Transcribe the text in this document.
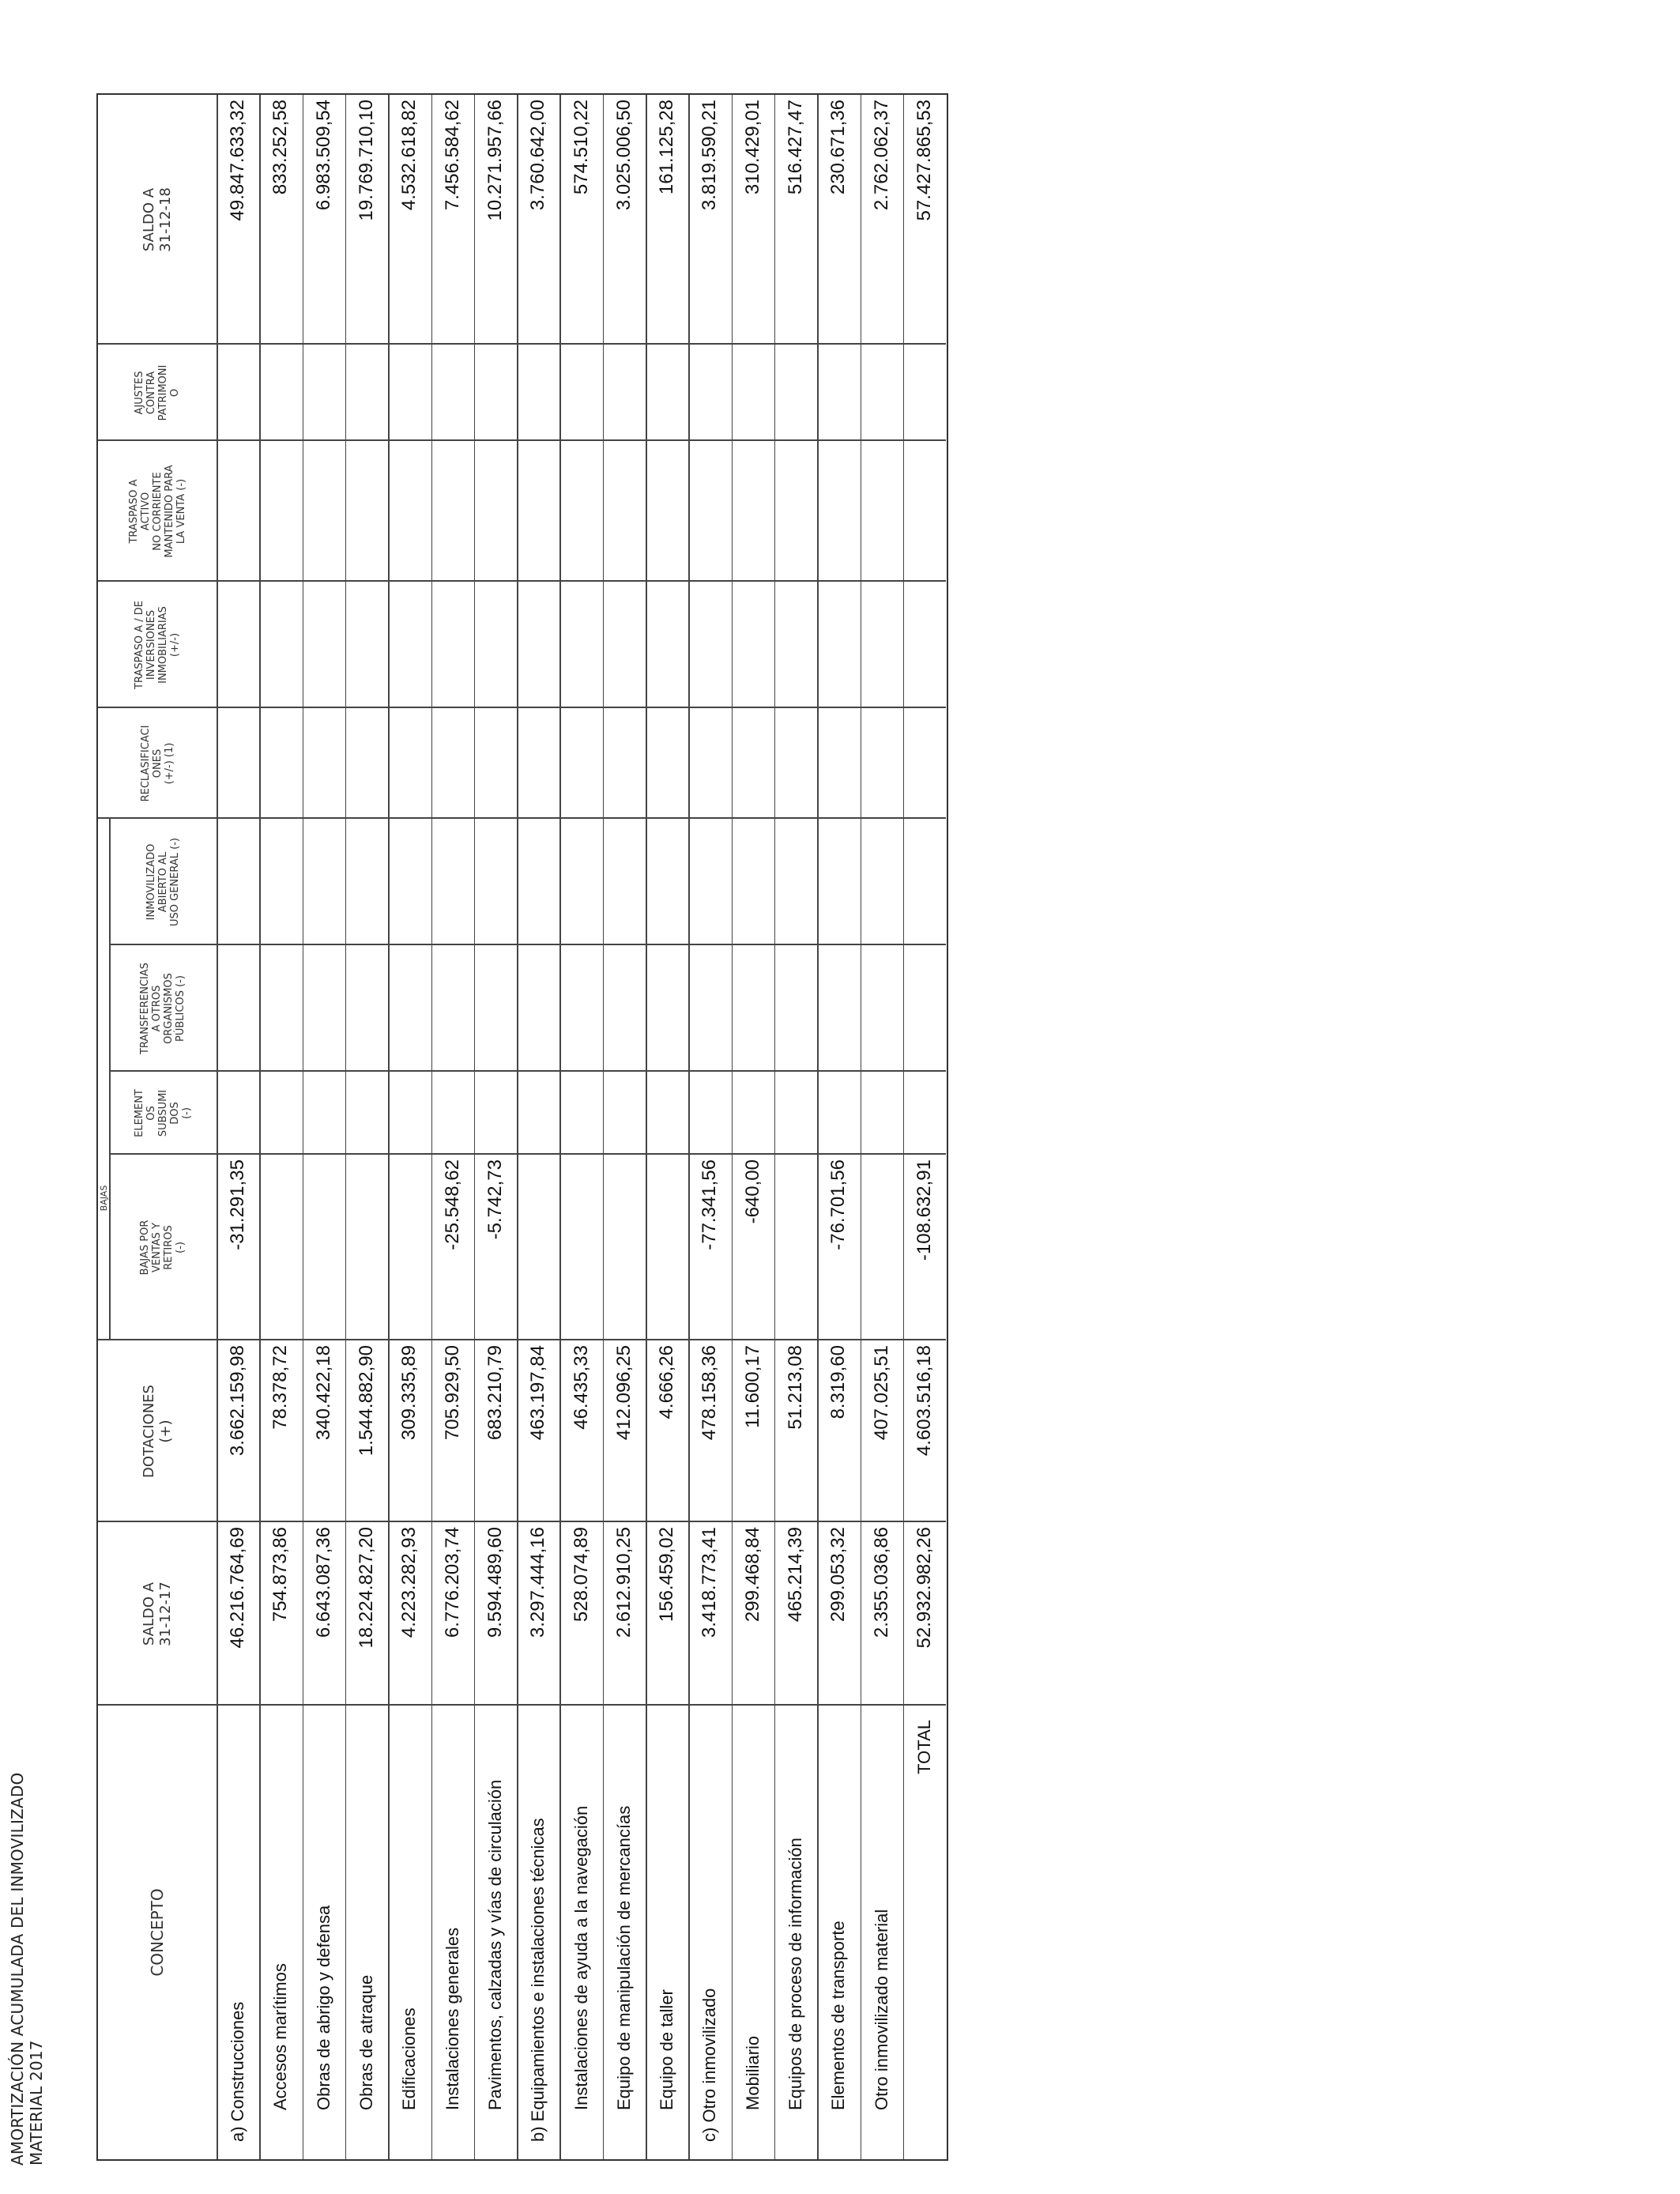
AMORTIZACIÓN ACUMULADA DEL INMOVILIZADO
MATERIAL 2017
CONCEPTO
SALDO A
31-12-17
DOTACIONES
(+)
BAJAS
BAJAS POR
VENTAS Y
RETIROS
(-)
ELEMENT
OS
SUBSUMI
DOS
(-)
TRANSFERENCIAS
A OTROS
ORGANISMOS
PÚBLICOS (-)
INMOVILIZADO
ABIERTO AL
USO GENERAL (-)
RECLASIFICACI
ONES
(+/-) (1)
TRASPASO A / DE
INVERSIONES
INMOBILIARIAS
(+/-)
TRASPASO A
ACTIVO
NO CORRIENTE
MANTENIDO PARA
LA VENTA (-)
AJUSTES
CONTRA
PATRIMONI
O
SALDO A
31-12-18
a) Construcciones
46.216.764,69
3.662.159,98
-31.291,35
49.847.633,32
Accesos marítimos
754.873,86
78.378,72
833.252,58
Obras de abrigo y defensa
6.643.087,36
340.422,18
6.983.509,54
Obras de atraque
18.224.827,20
1.544.882,90
19.769.710,10
Edificaciones
4.223.282,93
309.335,89
4.532.618,82
Instalaciones generales
6.776.203,74
705.929,50
-25.548,62
7.456.584,62
Pavimentos, calzadas y vías de circulación
9.594.489,60
683.210,79
-5.742,73
10.271.957,66
b) Equipamientos e instalaciones técnicas
3.297.444,16
463.197,84
3.760.642,00
Instalaciones de ayuda a la navegación
528.074,89
46.435,33
574.510,22
Equipo de manipulación de mercancías
2.612.910,25
412.096,25
3.025.006,50
Equipo de taller
156.459,02
4.666,26
161.125,28
c) Otro inmovilizado
3.418.773,41
478.158,36
-77.341,56
3.819.590,21
Mobiliario
299.468,84
11.600,17
-640,00
310.429,01
Equipos de proceso de información
465.214,39
51.213,08
516.427,47
Elementos de transporte
299.053,32
8.319,60
-76.701,56
230.671,36
Otro inmovilizado material
2.355.036,86
407.025,51
2.762.062,37
TOTAL
52.932.982,26
4.603.516,18
-108.632,91
57.427.865,53
